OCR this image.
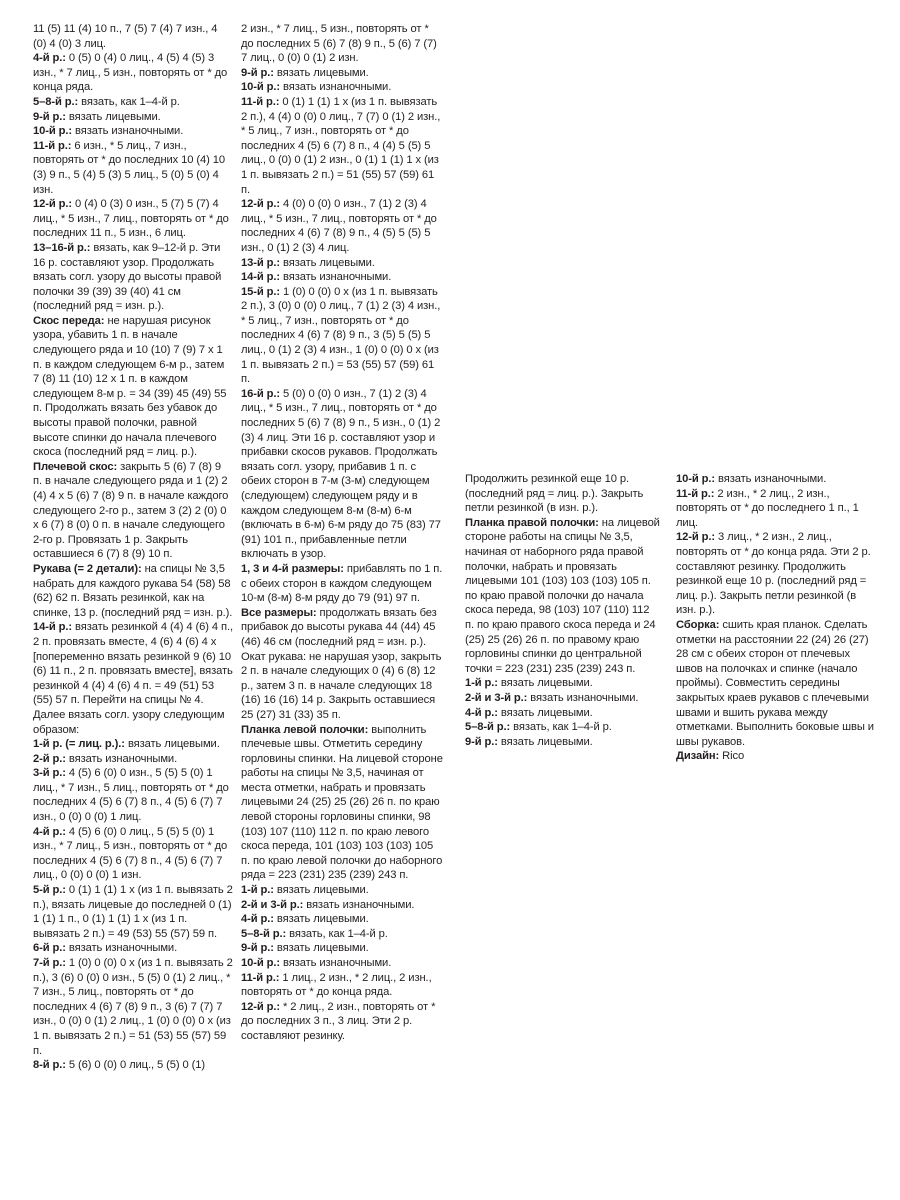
11 (5) 11 (4) 10 п., 7 (5) 7 (4) 7 изн., 4 (0) 4 (0) 3 лиц.

4-й р.: 0 (5) 0 (4) 0 лиц., 4 (5) 4 (5) 3 изн., * 7 лиц., 5 изн., повторять от * до конца ряда.

5–8-й р.: вязать, как 1–4-й р.

9-й р.: вязать лицевыми.

10-й р.: вязать изнаночными.

11-й р.: 6 изн., * 5 лиц., 7 изн., повторять от * до последних 10 (4) 10 (3) 9 п., 5 (4) 5 (3) 5 лиц., 5 (0) 5 (0) 4 изн.

12-й р.: 0 (4) 0 (3) 0 изн., 5 (7) 5 (7) 4 лиц., * 5 изн., 7 лиц., повторять от * до последних 11 п., 5 изн., 6 лиц.

13–16-й р.: вязать, как 9–12-й р. Эти 16 р. составляют узор. Продолжать вязать согл. узору до высоты правой полочки 39 (39) 39 (40) 41 см (последний ряд = изн. р.).

Скос переда: не нарушая рисунок узора, убавить 1 п. в начале следующего ряда и 10 (10) 7 (9) 7 х 1 п. в каждом следующем 6-м р., затем 7 (8) 11 (10) 12 х 1 п. в каждом следующем 8-м р. = 34 (39) 45 (49) 55 п. Продолжать вязать без убавок до высоты правой полочки, равной высоте спинки до начала плечевого скоса (последний ряд = лиц. р.).

Плечевой скос: закрыть 5 (6) 7 (8) 9 п. в начале следующего ряда и 1 (2) 2 (4) 4 х 5 (6) 7 (8) 9 п. в начале каждого следующего 2-го р., затем 3 (2) 2 (0) 0 х 6 (7) 8 (0) 0 п. в начале следующего 2-го р. Провязать 1 р. Закрыть оставшиеся 6 (7) 8 (9) 10 п.

Рукава (= 2 детали): на спицы № 3,5 набрать для каждого рукава 54 (58) 58 (62) 62 п. Вязать резинкой, как на спинке, 13 р. (последний ряд = изн. р.).

14-й р.: вязать резинкой 4 (4) 4 (6) 4 п., 2 п. провязать вместе, 4 (6) 4 (6) 4 х [попеременно вязать резинкой 9 (6) 10 (6) 11 п., 2 п. провязать вместе], вязать резинкой 4 (4) 4 (6) 4 п. = 49 (51) 53 (55) 57 п. Перейти на спицы № 4. Далее вязать согл. узору следующим образом:

1-й р. (= лиц. р.).: вязать лицевыми.

2-й р.: вязать изнаночными.

3-й р.: 4 (5) 6 (0) 0 изн., 5 (5) 5 (0) 1 лиц., * 7 изн., 5 лиц., повторять от * до последних 4 (5) 6 (7) 8 п., 4 (5) 6 (7) 7 изн., 0 (0) 0 (0) 1 лиц.

4-й р.: 4 (5) 6 (0) 0 лиц., 5 (5) 5 (0) 1 изн., * 7 лиц., 5 изн., повторять от * до последних 4 (5) 6 (7) 8 п., 4 (5) 6 (7) 7 лиц., 0 (0) 0 (0) 1 изн.

5-й р.: 0 (1) 1 (1) 1 х (из 1 п. вывязать 2 п.), вязать лицевые до последней 0 (1) 1 (1) 1 п., 0 (1) 1 (1) 1 х (из 1 п. вывязать 2 п.) = 49 (53) 55 (57) 59 п.

6-й р.: вязать изнаночными.

7-й р.: 1 (0) 0 (0) 0 х (из 1 п. вывязать 2 п.), 3 (6) 0 (0) 0 изн., 5 (5) 0 (1) 2 лиц., * 7 изн., 5 лиц., повторять от * до последних 4 (6) 7 (8) 9 п., 3 (6) 7 (7) 7 изн., 0 (0) 0 (1) 2 лиц., 1 (0) 0 (0) 0 х (из 1 п. вывязать 2 п.) = 51 (53) 55 (57) 59 п.

8-й р.: 5 (6) 0 (0) 0 лиц., 5 (5) 0 (1)

2 изн., * 7 лиц., 5 изн., повторять от * до последних 5 (6) 7 (8) 9 п., 5 (6) 7 (7) 7 лиц., 0 (0) 0 (1) 2 изн.

9-й р.: вязать лицевыми.

10-й р.: вязать изнаночными.

11-й р.: 0 (1) 1 (1) 1 х (из 1 п. вывязать 2 п.), 4 (4) 0 (0) 0 лиц., 7 (7) 0 (1) 2 изн., * 5 лиц., 7 изн., повторять от * до последних 4 (5) 6 (7) 8 п., 4 (4) 5 (5) 5 лиц., 0 (0) 0 (1) 2 изн., 0 (1) 1 (1) 1 х (из 1 п. вывязать 2 п.) = 51 (55) 57 (59) 61 п.

12-й р.: 4 (0) 0 (0) 0 изн., 7 (1) 2 (3) 4 лиц., * 5 изн., 7 лиц., повторять от * до последних 4 (6) 7 (8) 9 п., 4 (5) 5 (5) 5 изн., 0 (1) 2 (3) 4 лиц.

13-й р.: вязать лицевыми.

14-й р.: вязать изнаночными.

15-й р.: 1 (0) 0 (0) 0 х (из 1 п. вывязать 2 п.), 3 (0) 0 (0) 0 лиц., 7 (1) 2 (3) 4 изн., * 5 лиц., 7 изн., повторять от * до последних 4 (6) 7 (8) 9 п., 3 (5) 5 (5) 5 лиц., 0 (1) 2 (3) 4 изн., 1 (0) 0 (0) 0 х (из 1 п. вывязать 2 п.) = 53 (55) 57 (59) 61 п.

16-й р.: 5 (0) 0 (0) 0 изн., 7 (1) 2 (3) 4 лиц., * 5 изн., 7 лиц., повторять от * до последних 5 (6) 7 (8) 9 п., 5 изн., 0 (1) 2 (3) 4 лиц. Эти 16 р. составляют узор и прибавки скосов рукавов. Продолжать вязать согл. узору, прибавив 1 п. с обеих сторон в 7-м (3-м) следующем (следующем) следующем ряду и в каждом следующем 8-м (8-м) 6-м (включать в 6-м) 6-м ряду до 75 (83) 77 (91) 101 п., прибавленные петли включать в узор.

1, 3 и 4-й размеры: прибавлять по 1 п. с обеих сторон в каждом следующем 10-м (8-м) 8-м ряду до 79 (91) 97 п.

Все размеры: продолжать вязать без прибавок до высоты рукава 44 (44) 45 (46) 46 см (последний ряд = изн. р.). Окат рукава: не нарушая узор, закрыть 2 п. в начале следующих 0 (4) 6 (8) 12 р., затем 3 п. в начале следующих 18 (16) 16 (16) 14 р. Закрыть оставшиеся 25 (27) 31 (33) 35 п.

Планка левой полочки: выполнить плечевые швы. Отметить середину горловины спинки. На лицевой стороне работы на спицы № 3,5, начиная от места отметки, набрать и провязать лицевыми 24 (25) 25 (26) 26 п. по краю левой стороны горловины спинки, 98 (103) 107 (110) 112 п. по краю левого скоса переда, 101 (103) 103 (103) 105 п. по краю левой полочки до наборного ряда = 223 (231) 235 (239) 243 п.

1-й р.: вязать лицевыми.

2-й и 3-й р.: вязать изнаночными.

4-й р.: вязать лицевыми.

5–8-й р.: вязать, как 1–4-й р.

9-й р.: вязать лицевыми.

10-й р.: вязать изнаночными.

11-й р.: 1 лиц., 2 изн., * 2 лиц., 2 изн., повторять от * до конца ряда.

12-й р.: * 2 лиц., 2 изн., повторять от * до последних 3 п., 3 лиц. Эти 2 р. составляют резинку.

Продолжить резинкой еще 10 р. (последний ряд = лиц. р.). Закрыть петли резинкой (в изн. р.).

Планка правой полочки: на лицевой стороне работы на спицы № 3,5, начиная от наборного ряда правой полочки, набрать и провязать лицевыми 101 (103) 103 (103) 105 п. по краю правой полочки до начала скоса переда, 98 (103) 107 (110) 112 п. по краю правого скоса переда и 24 (25) 25 (26) 26 п. по правому краю горловины спинки до центральной точки = 223 (231) 235 (239) 243 п.

1-й р.: вязать лицевыми.

2-й и 3-й р.: вязать изнаночными.

4-й р.: вязать лицевыми.

5–8-й р.: вязать, как 1–4-й р.

9-й р.: вязать лицевыми.

10-й р.: вязать изнаночными.

11-й р.: 2 изн., * 2 лиц., 2 изн., повторять от * до последнего 1 п., 1 лиц.

12-й р.: 3 лиц., * 2 изн., 2 лиц., повторять от * до конца ряда. Эти 2 р. составляют резинку. Продолжить резинкой еще 10 р. (последний ряд = лиц. р.). Закрыть петли резинкой (в изн. р.).

Сборка: сшить края планок. Сделать отметки на расстоянии 22 (24) 26 (27) 28 см с обеих сторон от плечевых швов на полочках и спинке (начало проймы). Совместить середины закрытых краев рукавов с плечевыми швами и вшить рукава между отметками. Выполнить боковые швы и швы рукавов.

Дизайн: Rico
